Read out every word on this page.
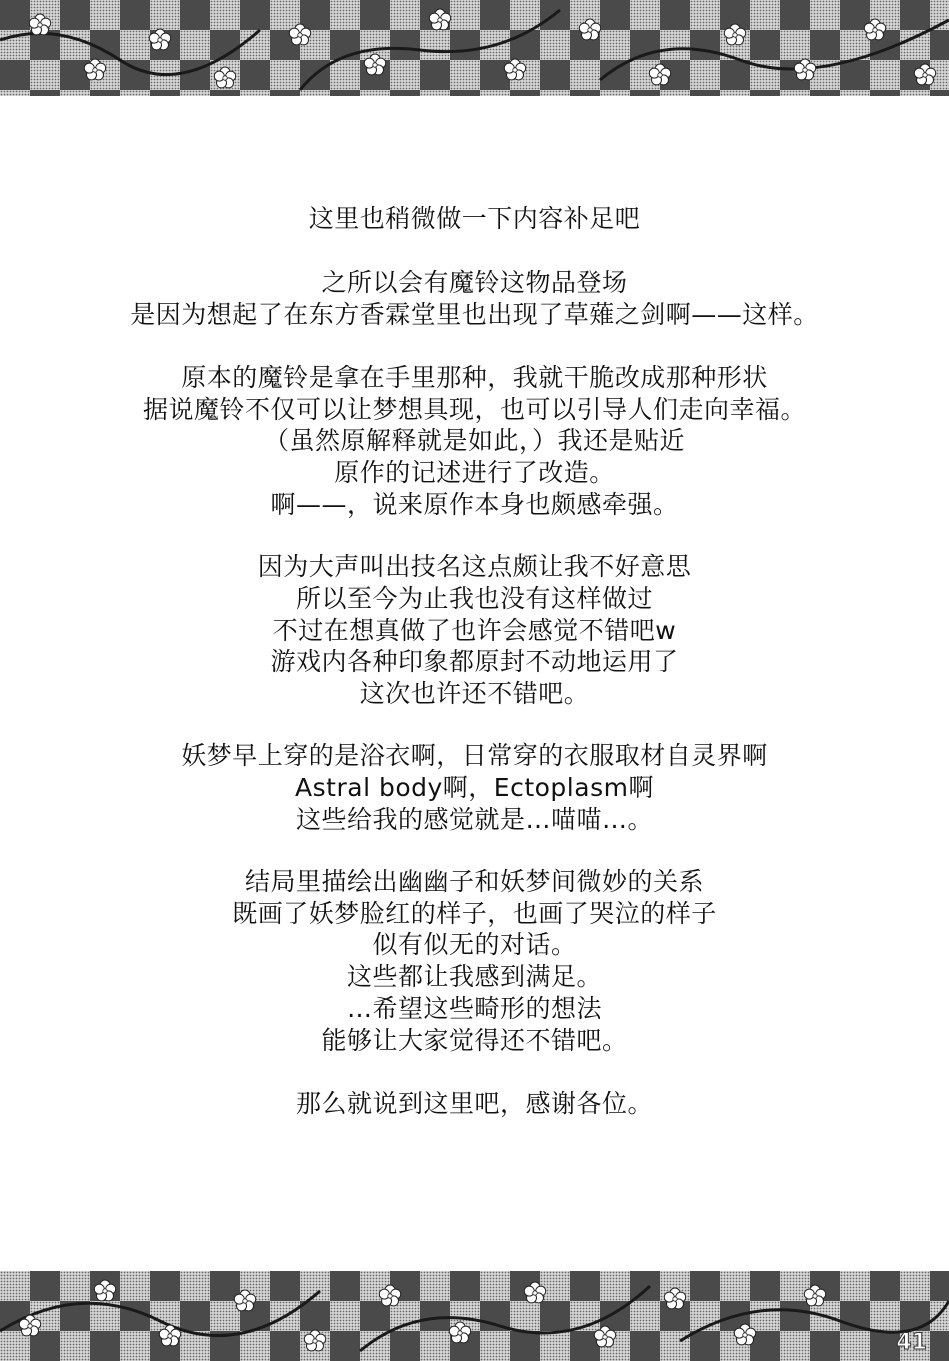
这里也稍微做一下内容补足吧
之所以会有魔铃这物品登场
是因为想起了在东方香霖堂里也出现了草薙之剑啊——这样。
原本的魔铃是拿在手里那种，我就干脆改成那种形状
据说魔铃不仅可以让梦想具现，也可以引导人们走向幸福。
（虽然原解释就是如此，）我还是贴近
原作的记述进行了改造。
啊——，说来原作本身也颇感牵强。
因为大声叫出技名这点颇让我不好意思
所以至今为止我也没有这样做过
不过在想真做了也许会感觉不错吧w
游戏内各种印象都原封不动地运用了
这次也许还不错吧。
妖梦早上穿的是浴衣啊，日常穿的衣服取材自灵界啊
Astral body啊，Ectoplasm啊
这些给我的感觉就是…喵喵…。
结局里描绘出幽幽子和妖梦间微妙的关系
既画了妖梦脸红的样子，也画了哭泣的样子
似有似无的对话。
这些都让我感到满足。
…希望这些畸形的想法
能够让大家觉得还不错吧。
那么就说到这里吧，感谢各位。
41
